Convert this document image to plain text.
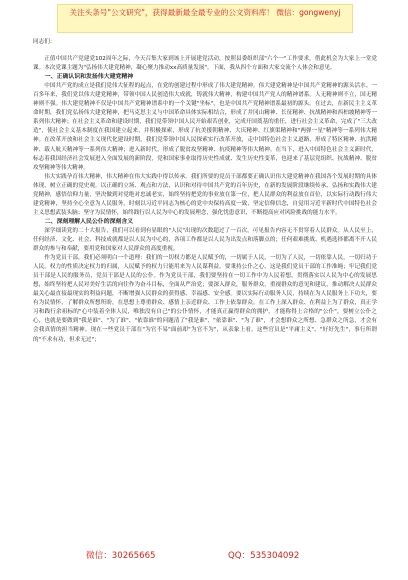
关注头条号"公文研究"，获得最新最全最专业的公文资料库！ 微信：gongwenyj

同志们：

正值中国共产党建党102周年之际，今天召集大家到该上开展建党活动，按照县委组织部"六个一"工作要求，借此机会为大家上一堂党课。本次党课主题为"弘扬伟大建党精神，凝心聚力推动xx高质量发展"。下面，我从四个方面和大家交流个人体会和意见。

一、正确认识和发扬伟大建党精神

中国共产党的成立是我们党伟大征程的起点，在党的创建过程中形成了伟大建党精神。伟大建党精神是中国共产党精神的源头活水。一百多年来，我们党以伟大建党精神，带领中国人民创造伟大成就，铸就伟大精神，构建中国共产党人的精神谱系。人无精神则不立，国无精神则不强。伟大建党精神不仅是中国共产党精神谱系中的一个关键"坐标"，也是中国共产党精神谱系最初的源头。在过去，在新民主主义革命时期，我们党弘扬伟大建党精神，把马克思主义与中国革命具体实际相结合，形成了井冈山精神、长征精神、抗战精神和西柏坡精神等一系列伟大精神；在社会主义革命和建设时期，我们党带领中国人民开始艰苦创业，完成开国奠基的重任，进行社会主义革命，完成了"三大改造"，使社会主义基本制度在我国建立起来，并积极探索，形成了抗美援朝精神、大庆精神、红旗渠精神和"两弹一星"精神等一系列伟大精神。在改革开放和社会主义现代化建设时期，我们党带领中国人民探索实行改革开放，走中国特色社会主义道路，形成了特区精神、抗洪精神、载人航天精神等一系列伟大精神；进入新时代，形成了脱贫攻坚精神、抗疫精神等伟大精神。在当下，进入中国特色社会主义新时代，标志着我国经济社会发展进入全面发展的新阶段，党和国家事业取得历史性成就、发生历史性变革，也迎来了基层党组织、抗战精神、脱贫攻坚精神等伟大精神。

伟大实践孕育伟大精神，伟大精神在伟大实践中得以传承。我们所要的党员干部都要正确认识伟大建党精神在我国各个发展时期的具体体现，树立正确的党史观。以正确的立场、观点和方法，认识和对待中国共产党的百年历史，在新的发展阶段继续传承、弘扬和实践伟大建党精神，感悟信仰力量，坚决做到对党绝对忠诚老实，始终坚持把党的事业放在第一位，把人民群众的利益放在首位，以实际行动践行伟大建党精神，坚持全心全意为人民服务，时刻以习近平同志为核心的党中央保持高度一致，坚定信仰信念，自觉用习近平新时代中国特色社会主义思想武装头脑；坚守为民情怀，始终践行以人民为中心的发展理念，强化忧患意识，不断提高应对风险挑战的能力水平。

二、深刻理解人民公仆的深刻含义

深学细读党的二十大报告，我们可以看到有显眼的"人民"出现的次数超过了一百次，可见报告内容无不贯穿着人民群众。从人民至上，任何经济、文化、社会、科技成就都是以人民为中心的，各项工作都是以人民为出发点和落脚点的；任何艰难挑战、机遇选择都离不开人民群众的参与和奉献，要用党和国家对人民群众的高度重视。

作为党员干部，我们必须明白一个道理：我们的一切权力都是人民赋予的，一切属于人民，一切为了人民，一切依靠人民，一切归功于人民。权力的性质决定权力的归属，人民赋予的权力只能用来为人民谋利益。要秉持公仆之心，这是我们党员干部的工作准绳；牢记我们党员干部是人民的服务员，党员干部是人民的公仆。作为党员干部，我们要坚持在一切工作中为人民着想，贯彻落实以人民为中心的发展思想，始终坚持把人民对美好生活的向往作为奋斗目标，全面从严治党；要深入群众，服务群众，重视群众的意见和建议，推动解决人民群众最关心最直接最现实的利益问题，不断增强人民群众的获得感、幸福感、安全感。要以实际行动服务人民，持续在为人民服务上下功夫，要有为民情怀，了解群众所想所盼，在思想上尊重群众、感情上亲近群众、工作上依靠群众。在工作上深入群众、在利益上为了群众，真正学习和践行余祖标的"心中装着全体人民，唯独没有自己"的公仆情怀，才能真正赢得群众的拥护，才能称得上合格的"公仆"。要树立公仆之心，也就是要做到"我是谁"、"为了谁"、"依靠谁"的问题清了"我是谁"、"依靠谁"、"为了谁"，才会想群众之所想、急群众之所急，才会有会我真情的担当精神。现在一些党员干部在"为官不易"面前却"为官不为"，从表象上看，这些官员是"平庸主义"、"好好先生"，事行所谓的"不求有功，但求无过"；

微信：30265665	QQ：535304092
